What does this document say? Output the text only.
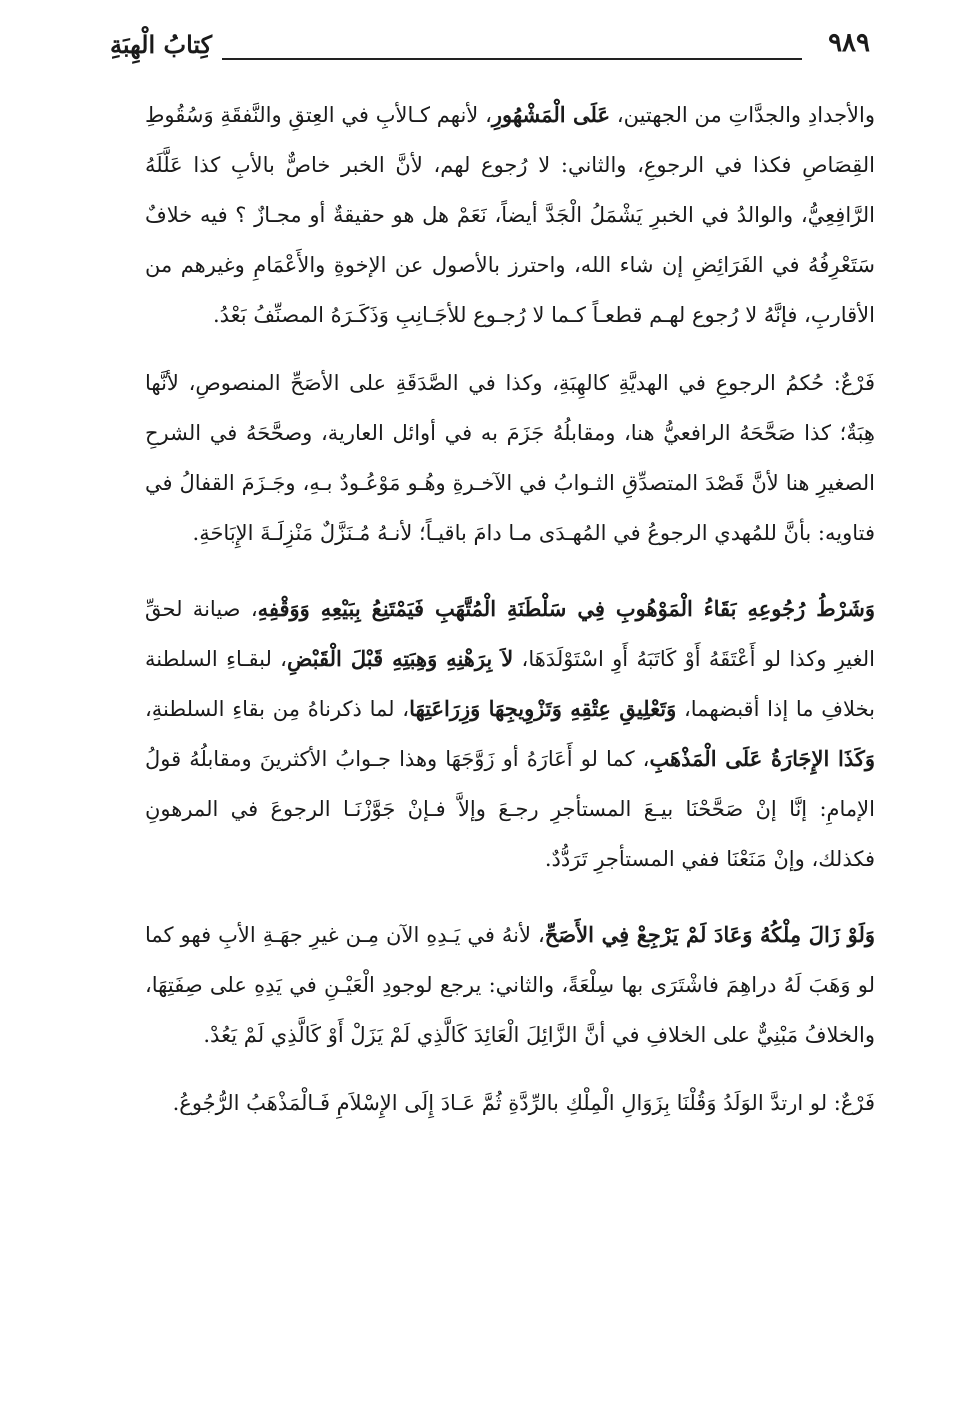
٩٨٩
كِتابُ الْهِبَةِ

والأجدادِ والجدَّاتِ من الجهتين، عَلَى الْمَشْهُورِ، لأنهم كـالأبِ في العِتقِ والنَّفقَةِ وَسُقُوطِ القِصَاصِ فكذا في الرجوعِ، والثاني: لا رُجوع لهم، لأنَّ الخبر خاصٌّ بالأبِ كذا عَلَّلَهُ الرَّافِعِيُّ، والوالدُ في الخبرِ يَشْمَلُ الْجَدَّ أيضاً، نَعَمْ هل هو حقيقةٌ أو مجـازٌ ؟ فيه خلافٌ سَتَعْرِفُهُ في الفَرَائِضِ إن شاء الله، واحترز بالأصول عن الإخوةِ والأَعْمَامِ وغيرهم من الأقاربِ، فإنَّهُ لا رُجوع لهـم قطعـاً كـما لا رُجـوع للأجَـانِبِ وَذَكَـرَهُ المصنِّفُ بَعْدُ.

فَرْعٌ: حُكمُ الرجوعِ في الهديَّةِ كالهِبَةِ، وكذا في الصَّدَقَةِ على الأصَحِّ المنصوصِ، لأنَّها هِبَةٌ؛ كذا صَحَّحَهُ الرافعيُّ هنا، ومقابلُهُ جَزَمَ به في أوائل العارية، وصحَّحَهُ في الشرحِ الصغيرِ هنا لأنَّ قَصْدَ المتصدِّقِ الثـوابُ في الآخـرةِ وهُـو مَوْعُـودٌ بـهِ، وجَـزَمَ القفالُ في فتاويه: بأنَّ للمُهدي الرجوعُ في المُهـدَى مـا دامَ باقيـاً؛ لأنـهُ مُـنَزَّلٌ مَنْزِلَـةَ الإِبَاحَةِ.

وَشَرْطُ رُجُوعِهِ بَقَاءُ الْمَوْهُوبِ فِي سَلْطَنَةِ الْمُتَّهَبِ فَيَمْتَنِعُ بِبَيْعِهِ وَوَقْفِهِ، صيانة لحقِّ الغيرِ وكذا لو أَعْتَقَهُ أَوْ كَاتَبَهُ أَوِ اسْتَوْلَدَهَا، لاَ بِرَهْنِهِ وَهِبَتِهِ قَبْلَ الْقَبْضِ، لبقـاءِ السلطنة بخلافِ ما إذا أقبضهما، وَتَعْلِيقِ عِتْقِهِ وَتَزْوِيجِهَا وَزِرَاعَتِهَا، لما ذكرناهُ مِن بقاءِ السلطنةِ، وَكَذَا الإِجَارَةُ عَلَى الْمَذْهَبِ، كما لو أَعَارَهُ أو زَوَّجَهَا وهذا جـوابُ الأكثرينَ ومقابلُهُ قولُ الإمامِ: إنَّا إنْ صَحَّحْنَا بيـعَ المستأجرِ رجـعَ وإلاَّ فـإنْ جَوَّزْنَـا الرجوعَ في المرهونِ فكذلك، وإنْ مَنَعْنَا ففي المستأجرِ تَرَدُّدٌ.

وَلَوْ زَالَ مِلْكُهُ وَعَادَ لَمْ يَرْجِعْ فِي الأَصَحِّ، لأنهُ في يَـدِهِ الآن مِـن غيرِ جهَـةِ الأبِ فهو كما لو وَهَبَ لَهُ دراهِمَ فاشْتَرَى بها سِلْعَةً، والثاني: يرجع لوجودِ الْعَيْـنِ في يَدِهِ على صِفَتِهَا، والخلافُ مَبْنِيٌّ على الخلافِ في أنَّ الزَّائِلَ الْعَائِدَ كَالَّذِي لَمْ يَزَلْ أَوْ كَالَّذِي لَمْ يَعُدْ.

فَرْعٌ: لو ارتدَّ الوَلَدُ وَقُلْنَا بِزَوَالِ الْمِلْكِ بالرِّدَّةِ ثُمَّ عَـادَ إِلَى الإِسْلاَمِ فَـالْمَذْهَبُ الرُّجُوعُ.
